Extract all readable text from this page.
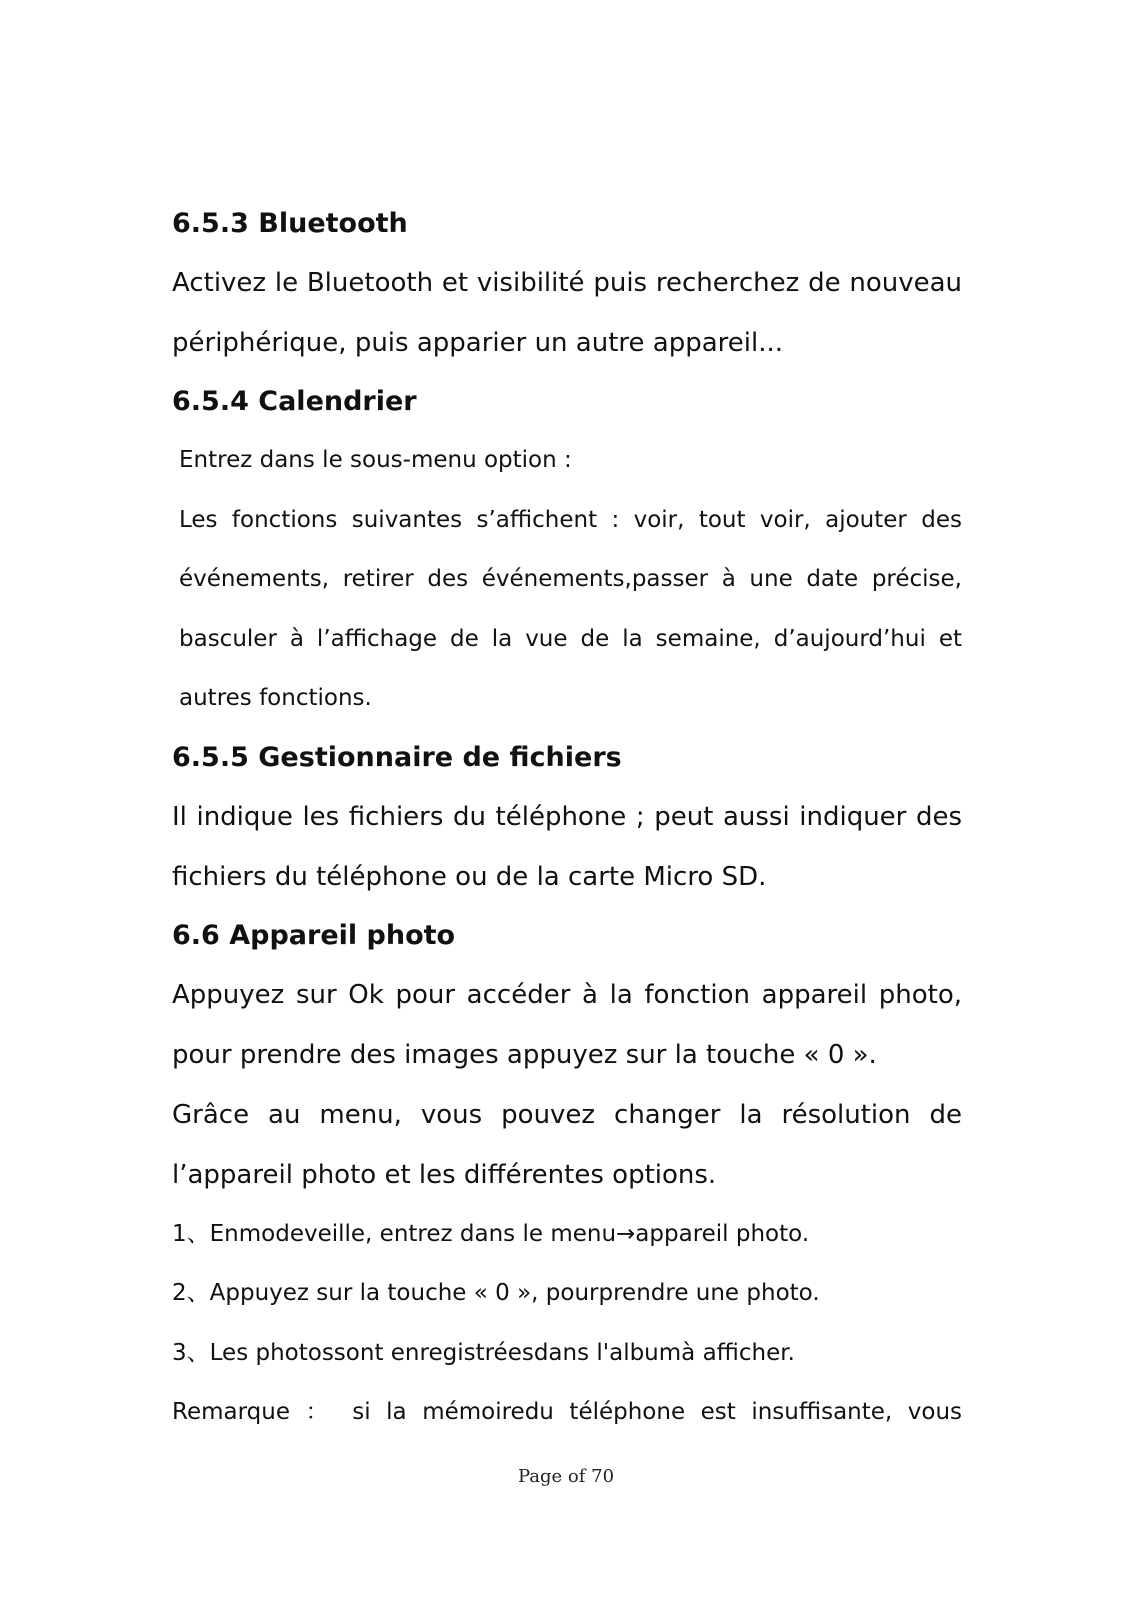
6.5.3 Bluetooth

Activez le Bluetooth et visibilité puis recherchez de nouveau périphérique, puis apparier un autre appareil...

6.5.4 Calendrier

Entrez dans le sous-menu option :

Les fonctions suivantes s’affichent : voir, tout voir, ajouter des événements, retirer des événements,passer à une date précise, basculer à l’affichage de la vue de la semaine, d’aujourd’hui et autres fonctions.

6.5.5 Gestionnaire de fichiers

Il indique les fichiers du téléphone ; peut aussi indiquer des fichiers du téléphone ou de la carte Micro SD.

6.6 Appareil photo

Appuyez sur Ok pour accéder à la fonction appareil photo, pour prendre des images appuyez sur la touche « 0 ».

Grâce au menu, vous pouvez changer la résolution de l’appareil photo et les différentes options.

1、Enmodeveille, entrez dans le menu→appareil photo.

2、Appuyez sur la touche « 0 », pourprendre une photo.

3、Les photossont enregistréesdans l'albumà afficher.

Remarque ： si la mémoiredu téléphone est insuffisante, vous

Page of 70
